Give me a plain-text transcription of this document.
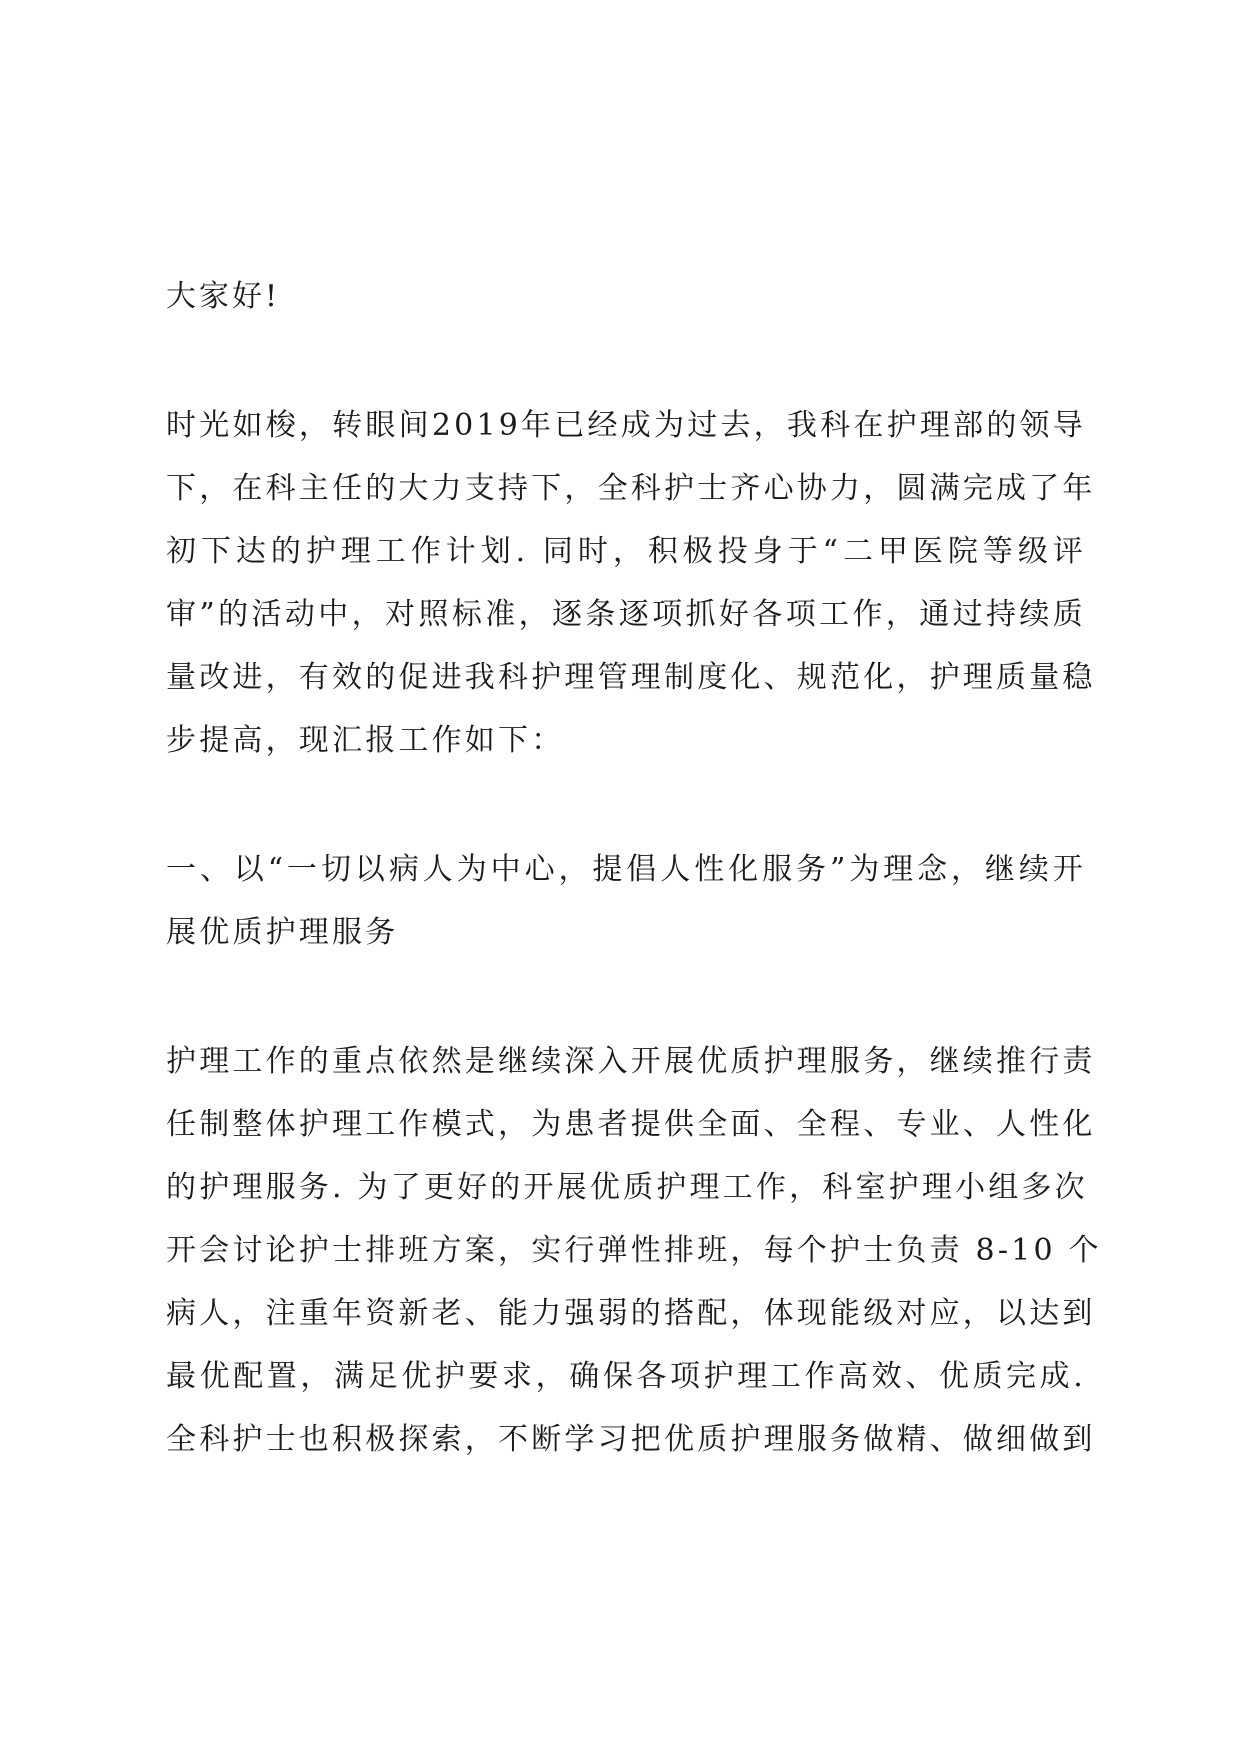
大家好!
时光如梭，转眼间2019年已经成为过去，我科在护理部的领导
下，在科主任的大力支持下，全科护士齐心协力，圆满完成了年
初下达的护理工作计划. 同时，积极投身于“二甲医院等级评
审”的活动中，对照标准，逐条逐项抓好各项工作，通过持续质
量改进，有效的促进我科护理管理制度化、规范化，护理质量稳
步提高，现汇报工作如下：
一、以“一切以病人为中心，提倡人性化服务”为理念，继续开
展优质护理服务
护理工作的重点依然是继续深入开展优质护理服务，继续推行责
任制整体护理工作模式，为患者提供全面、全程、专业、人性化
的护理服务. 为了更好的开展优质护理工作，科室护理小组多次
开会讨论护士排班方案，实行弹性排班，每个护士负责 8-10 个
病人，注重年资新老、能力强弱的搭配，体现能级对应，以达到
最优配置，满足优护要求，确保各项护理工作高效、优质完成.
全科护士也积极探索，不断学习把优质护理服务做精、做细做到
